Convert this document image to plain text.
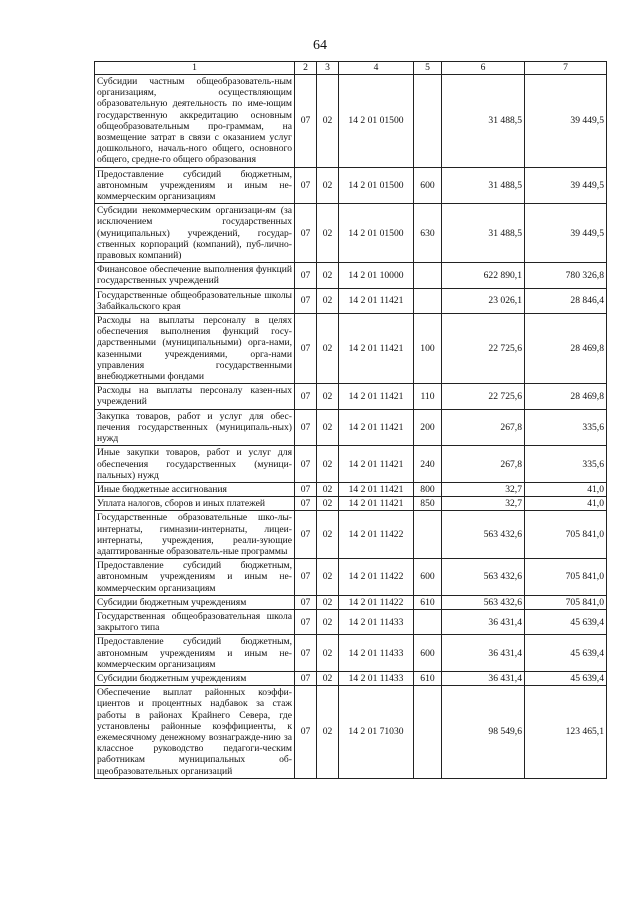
64
1	2	3	4	5	6	7
Субсидии частным общеобразователь-ным организациям, осуществляющим образовательную деятельность по име-ющим государственную аккредитацию основным общеобразовательным про-граммам, на возмещение затрат в связи с оказанием услуг дошкольного, началь-ного общего, основного общего, средне-го общего образования	07	02	14 2 01 01500		31 488,5	39 449,5
Предоставление субсидий бюджетным, автономным учреждениям и иным не-коммерческим организациям	07	02	14 2 01 01500	600	31 488,5	39 449,5
Субсидии некоммерческим организаци-ям (за исключением государственных (муниципальных) учреждений, государ-ственных корпораций (компаний), пуб-лично-правовых компаний)	07	02	14 2 01 01500	630	31 488,5	39 449,5
Финансовое обеспечение выполнения функций государственных учреждений	07	02	14 2 01 10000		622 890,1	780 326,8
Государственные общеобразовательные школы Забайкальского края	07	02	14 2 01 11421		23 026,1	28 846,4
Расходы на выплаты персоналу в целях обеспечения выполнения функций госу-дарственными (муниципальными) орга-нами, казенными учреждениями, орга-нами управления государственными внебюджетными фондами	07	02	14 2 01 11421	100	22 725,6	28 469,8
Расходы на выплаты персоналу казен-ных учреждений	07	02	14 2 01 11421	110	22 725,6	28 469,8
Закупка товаров, работ и услуг для обес-печения государственных (муниципаль-ных) нужд	07	02	14 2 01 11421	200	267,8	335,6
Иные закупки товаров, работ и услуг для обеспечения государственных (муници-пальных) нужд	07	02	14 2 01 11421	240	267,8	335,6
Иные бюджетные ассигнования	07	02	14 2 01 11421	800	32,7	41,0
Уплата налогов, сборов и иных платежей	07	02	14 2 01 11421	850	32,7	41,0
Государственные образовательные шко-лы-интернаты, гимназии-интернаты, лицеи-интернаты, учреждения, реали-зующие адаптированные образователь-ные программы	07	02	14 2 01 11422		563 432,6	705 841,0
Предоставление субсидий бюджетным, автономным учреждениям и иным не-коммерческим организациям	07	02	14 2 01 11422	600	563 432,6	705 841,0
Субсидии бюджетным учреждениям	07	02	14 2 01 11422	610	563 432,6	705 841,0
Государственная общеобразовательная школа закрытого типа	07	02	14 2 01 11433		36 431,4	45 639,4
Предоставление субсидий бюджетным, автономным учреждениям и иным не-коммерческим организациям	07	02	14 2 01 11433	600	36 431,4	45 639,4
Субсидии бюджетным учреждениям	07	02	14 2 01 11433	610	36 431,4	45 639,4
Обеспечение выплат районных коэффи-циентов и процентных надбавок за стаж работы в районах Крайнего Севера, где установлены районные коэффициенты, к ежемесячному денежному вознагражде-нию за классное руководство педагоги-ческим работникам муниципальных об-щеобразовательных организаций	07	02	14 2 01 71030		98 549,6	123 465,1
